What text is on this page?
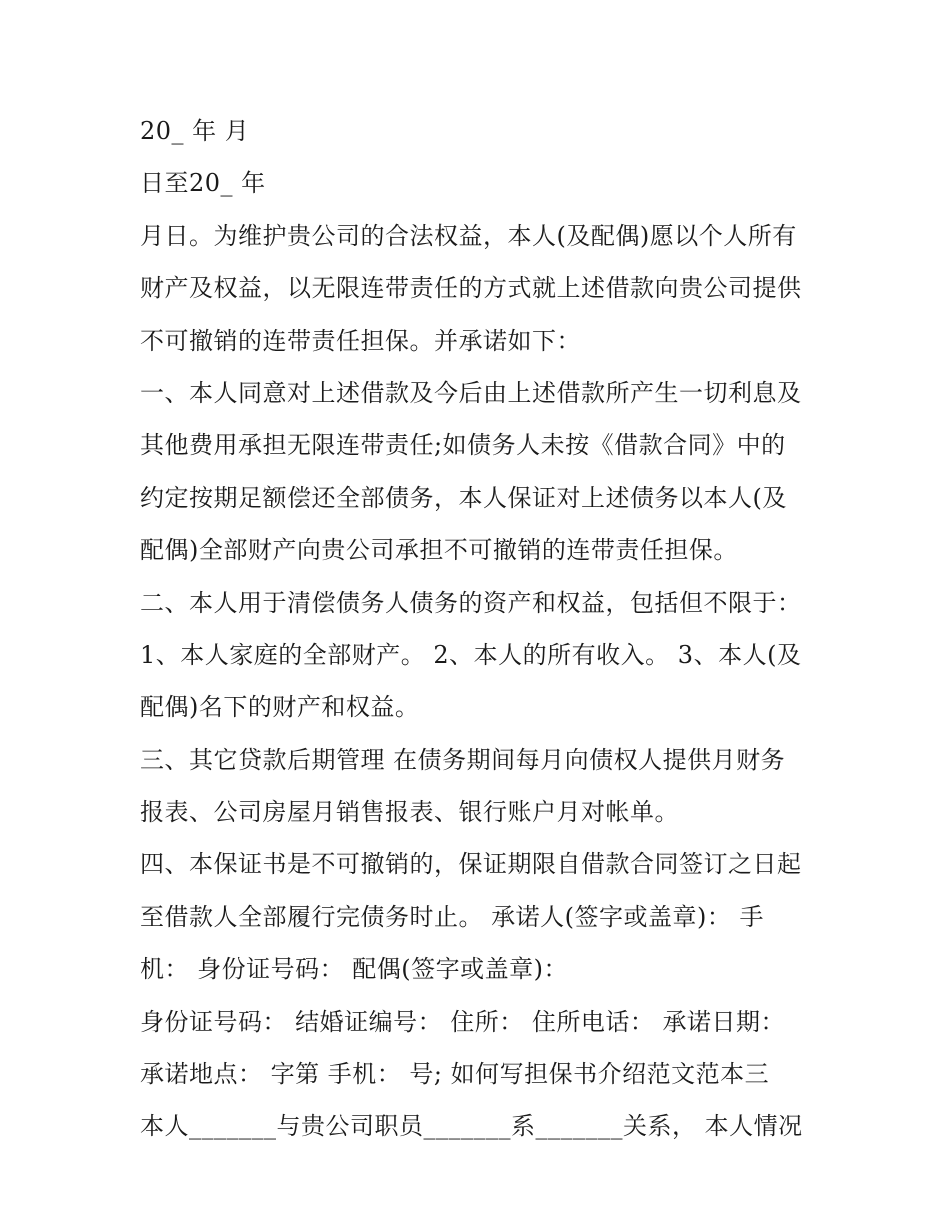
20_ 年 月
日至20_ 年
月日。为维护贵公司的合法权益，本人(及配偶)愿以个人所有
财产及权益，以无限连带责任的方式就上述借款向贵公司提供
不可撤销的连带责任担保。并承诺如下：
一、本人同意对上述借款及今后由上述借款所产生一切利息及
其他费用承担无限连带责任;如债务人未按《借款合同》中的
约定按期足额偿还全部债务，本人保证对上述债务以本人(及
配偶)全部财产向贵公司承担不可撤销的连带责任担保。
二、本人用于清偿债务人债务的资产和权益，包括但不限于：
1、本人家庭的全部财产。 2、本人的所有收入。 3、本人(及
配偶)名下的财产和权益。
三、其它贷款后期管理 在债务期间每月向债权人提供月财务
报表、公司房屋月销售报表、银行账户月对帐单。
四、本保证书是不可撤销的，保证期限自借款合同签订之日起
至借款人全部履行完债务时止。 承诺人(签字或盖章)： 手
机： 身份证号码： 配偶(签字或盖章)：
身份证号码： 结婚证编号： 住所： 住所电话： 承诺日期：
承诺地点： 字第 手机： 号; 如何写担保书介绍范文范本三
本人_______与贵公司职员_______系_______关系， 本人情况
